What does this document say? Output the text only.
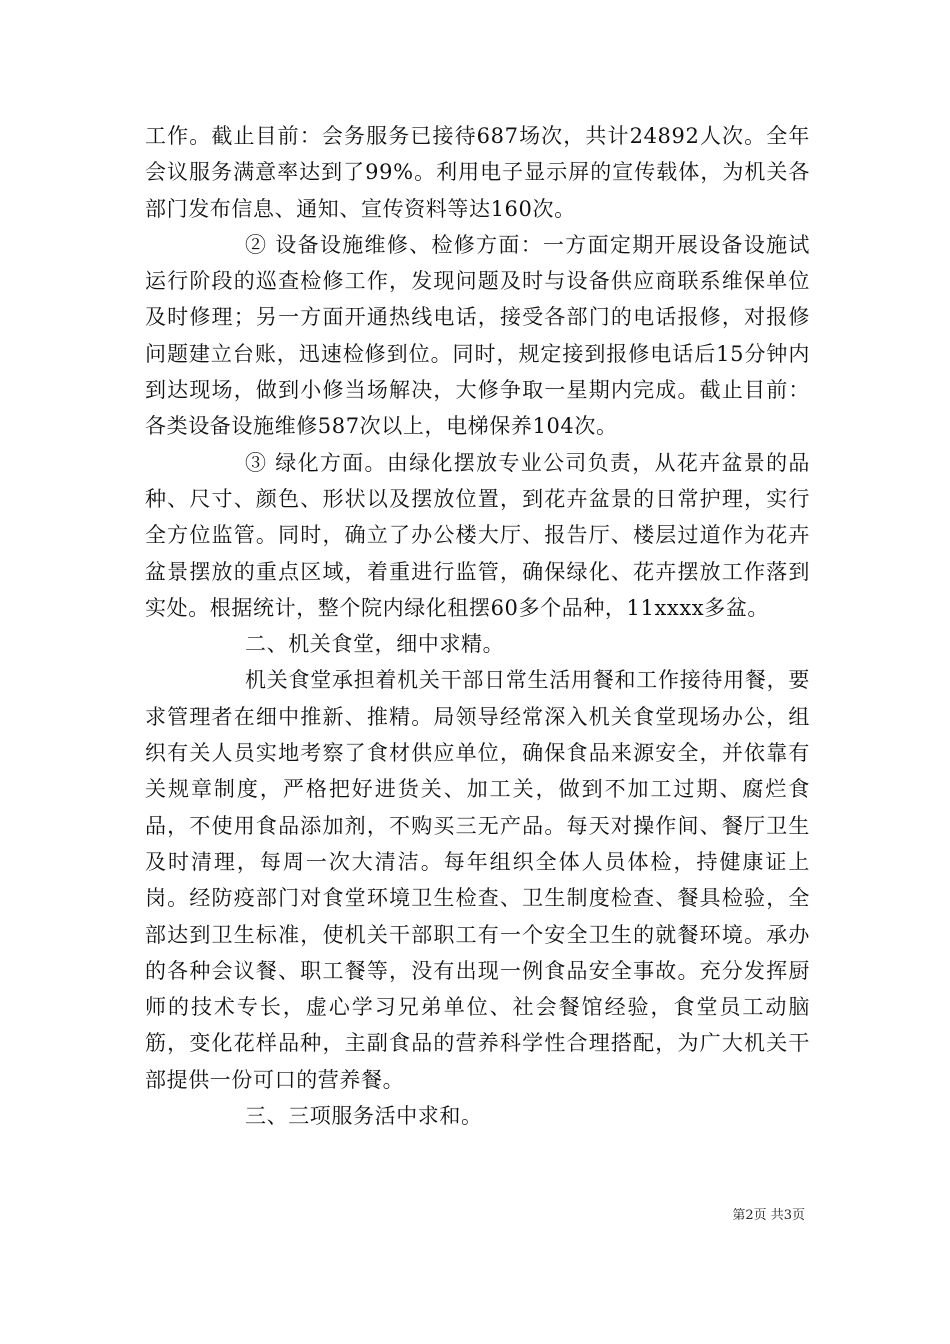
工作。截止目前：会务服务已接待687场次，共计24892人次。全年会议服务满意率达到了99%。利用电子显示屏的宣传载体，为机关各部门发布信息、通知、宣传资料等达160次。

② 设备设施维修、检修方面：一方面定期开展设备设施试运行阶段的巡查检修工作，发现问题及时与设备供应商联系维保单位及时修理；另一方面开通热线电话，接受各部门的电话报修，对报修问题建立台账，迅速检修到位。同时，规定接到报修电话后15分钟内到达现场，做到小修当场解决，大修争取一星期内完成。截止目前：各类设备设施维修587次以上，电梯保养104次。

③ 绿化方面。由绿化摆放专业公司负责，从花卉盆景的品种、尺寸、颜色、形状以及摆放位置，到花卉盆景的日常护理，实行全方位监管。同时，确立了办公楼大厅、报告厅、楼层过道作为花卉盆景摆放的重点区域，着重进行监管，确保绿化、花卉摆放工作落到实处。根据统计，整个院内绿化租摆60多个品种，11xxxx多盆。

二、机关食堂，细中求精。

机关食堂承担着机关干部日常生活用餐和工作接待用餐，要求管理者在细中推新、推精。局领导经常深入机关食堂现场办公，组织有关人员实地考察了食材供应单位，确保食品来源安全，并依靠有关规章制度，严格把好进货关、加工关，做到不加工过期、腐烂食品，不使用食品添加剂，不购买三无产品。每天对操作间、餐厅卫生及时清理，每周一次大清洁。每年组织全体人员体检，持健康证上岗。经防疫部门对食堂环境卫生检查、卫生制度检查、餐具检验，全部达到卫生标准，使机关干部职工有一个安全卫生的就餐环境。承办的各种会议餐、职工餐等，没有出现一例食品安全事故。充分发挥厨师的技术专长，虚心学习兄弟单位、社会餐馆经验，食堂员工动脑筋，变化花样品种，主副食品的营养科学性合理搭配，为广大机关干部提供一份可口的营养餐。

三、三项服务活中求和。

第2页 共3页
